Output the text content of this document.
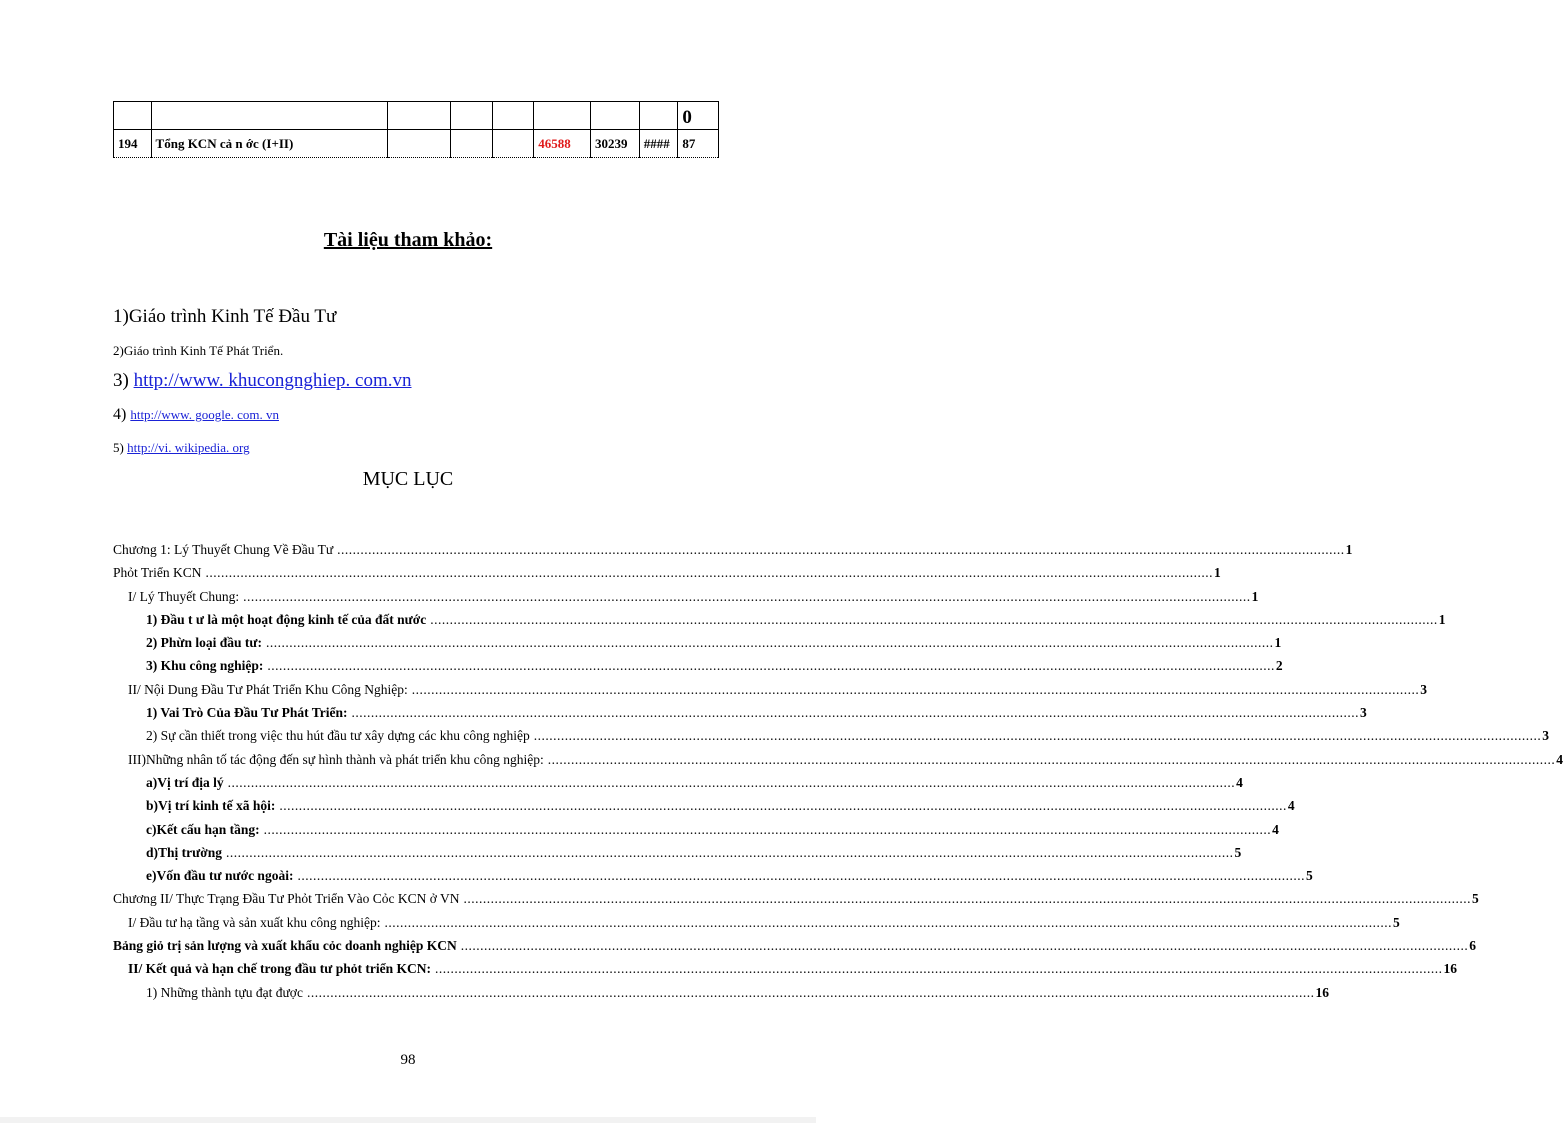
								0
194	Tổng KCN cả n ớc (I+II)				46588	30239	####	87
Tài liệu tham khảo:
1)Giáo trình Kinh Tế Đầu Tư
2)Giáo trình Kinh Tế Phát Triển.
3) http://www. khucongnghiep. com.vn
4) http://www. google. com. vn
5) http://vi. wikipedia. org
MỤC LỤC
Chương 1: Lý Thuyết Chung Về Đầu Tư .................................................................................................................................................................................................................................................................... 1
Phỏt Triển KCN .................................................................................................................................................................................................................................................................... 1
I/ Lý Thuyết Chung: .................................................................................................................................................................................................................................................................... 1
1) Đầu t ư là một hoạt động kinh tế của đất nước .................................................................................................................................................................................................................................................................... 1
2) Phừn loại đầu tư: .................................................................................................................................................................................................................................................................... 1
3) Khu công nghiệp: .................................................................................................................................................................................................................................................................... 2
II/ Nội Dung Đầu Tư Phát Triển Khu Công Nghiệp: .................................................................................................................................................................................................................................................................... 3
1) Vai Trò Của Đầu Tư Phát Triển: .................................................................................................................................................................................................................................................................... 3
2) Sự cần thiết trong việc thu hút đầu tư xây dựng các khu công nghiệp .................................................................................................................................................................................................................................................................... 3
III)Những nhân tố tác động đến sự hình thành và phát triển khu công nghiệp: .................................................................................................................................................................................................................................................................... 4
a)Vị trí địa lý .................................................................................................................................................................................................................................................................... 4
b)Vị trí kinh tế xã hội: .................................................................................................................................................................................................................................................................... 4
c)Kết cấu hạn tầng: .................................................................................................................................................................................................................................................................... 4
d)Thị trường .................................................................................................................................................................................................................................................................... 5
e)Vốn đầu tư nước ngoài: .................................................................................................................................................................................................................................................................... 5
Chương II/ Thực Trạng Đầu Tư Phỏt Triển Vào Cỏc KCN ở VN .................................................................................................................................................................................................................................................................... 5
I/ Đầu tư hạ tầng và sản xuất khu công nghiệp: .................................................................................................................................................................................................................................................................... 5
Bảng giỏ trị sản lượng và xuất khẩu cỏc doanh nghiệp KCN .................................................................................................................................................................................................................................................................... 6
II/ Kết quả và hạn chế trong đầu tư phỏt triển KCN: .................................................................................................................................................................................................................................................................... 16
1) Những thành tựu đạt được .................................................................................................................................................................................................................................................................... 16
98
